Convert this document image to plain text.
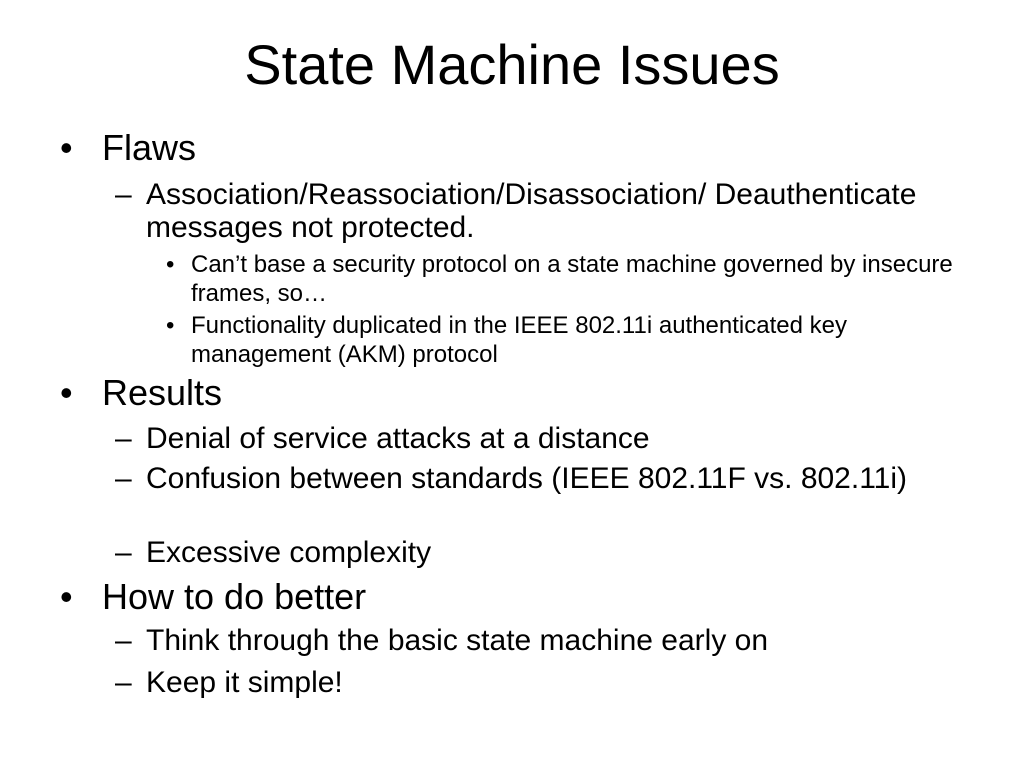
State Machine Issues
• Flaws
– Association/Reassociation/Disassociation/ Deauthenticate messages not protected.
• Can’t base a security protocol on a state machine governed by insecure frames, so…
• Functionality duplicated in the IEEE 802.11i authenticated key management (AKM) protocol
• Results
– Denial of service attacks at a distance
– Confusion between standards (IEEE 802.11F vs. 802.11i)
– Excessive complexity
• How to do better
– Think through the basic state machine early on
– Keep it simple!
